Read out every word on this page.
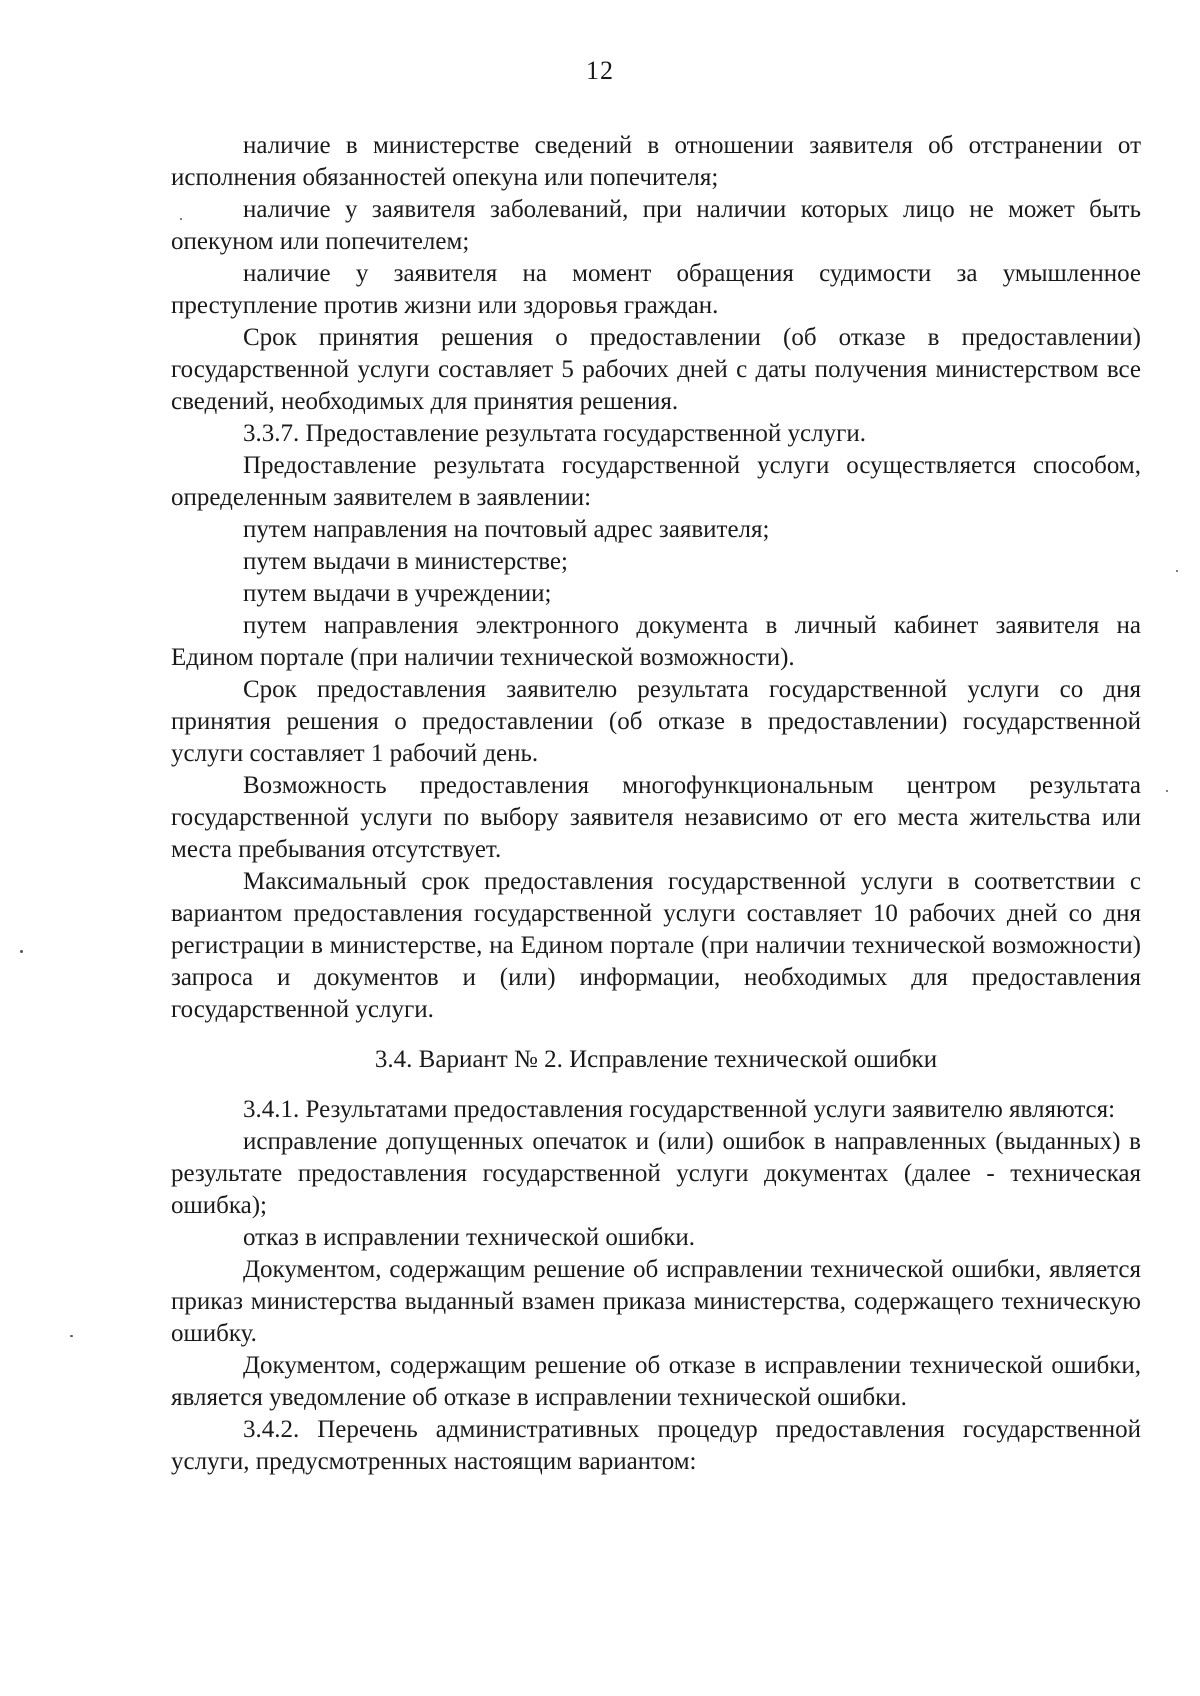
12

наличие в министерстве сведений в отношении заявителя об отстранении от исполнения обязанностей опекуна или попечителя;

наличие у заявителя заболеваний, при наличии которых лицо не может быть опекуном или попечителем;

наличие у заявителя на момент обращения судимости за умышленное преступление против жизни или здоровья граждан.

Срок принятия решения о предоставлении (об отказе в предоставлении) государственной услуги составляет 5 рабочих дней с даты получения министерством все сведений, необходимых для принятия решения.

3.3.7. Предоставление результата государственной услуги.

Предоставление результата государственной услуги осуществляется способом, определенным заявителем в заявлении:

путем направления на почтовый адрес заявителя;

путем выдачи в министерстве;

путем выдачи в учреждении;

путем направления электронного документа в личный кабинет заявителя на Едином портале (при наличии технической возможности).

Срок предоставления заявителю результата государственной услуги со дня принятия решения о предоставлении (об отказе в предоставлении) государственной услуги составляет 1 рабочий день.

Возможность предоставления многофункциональным центром результата государственной услуги по выбору заявителя независимо от его места жительства или места пребывания отсутствует.

Максимальный срок предоставления государственной услуги в соответствии с вариантом предоставления государственной услуги составляет 10 рабочих дней со дня регистрации в министерстве, на Едином портале (при наличии технической возможности) запроса и документов и (или) информации, необходимых для предоставления государственной услуги.

3.4. Вариант № 2. Исправление технической ошибки

3.4.1. Результатами предоставления государственной услуги заявителю являются:

исправление допущенных опечаток и (или) ошибок в направленных (выданных) в результате предоставления государственной услуги документах (далее - техническая ошибка);

отказ в исправлении технической ошибки.

Документом, содержащим решение об исправлении технической ошибки, является приказ министерства выданный взамен приказа министерства, содержащего техническую ошибку.

Документом, содержащим решение об отказе в исправлении технической ошибки, является уведомление об отказе в исправлении технической ошибки.

3.4.2. Перечень административных процедур предоставления государственной услуги, предусмотренных настоящим вариантом:
